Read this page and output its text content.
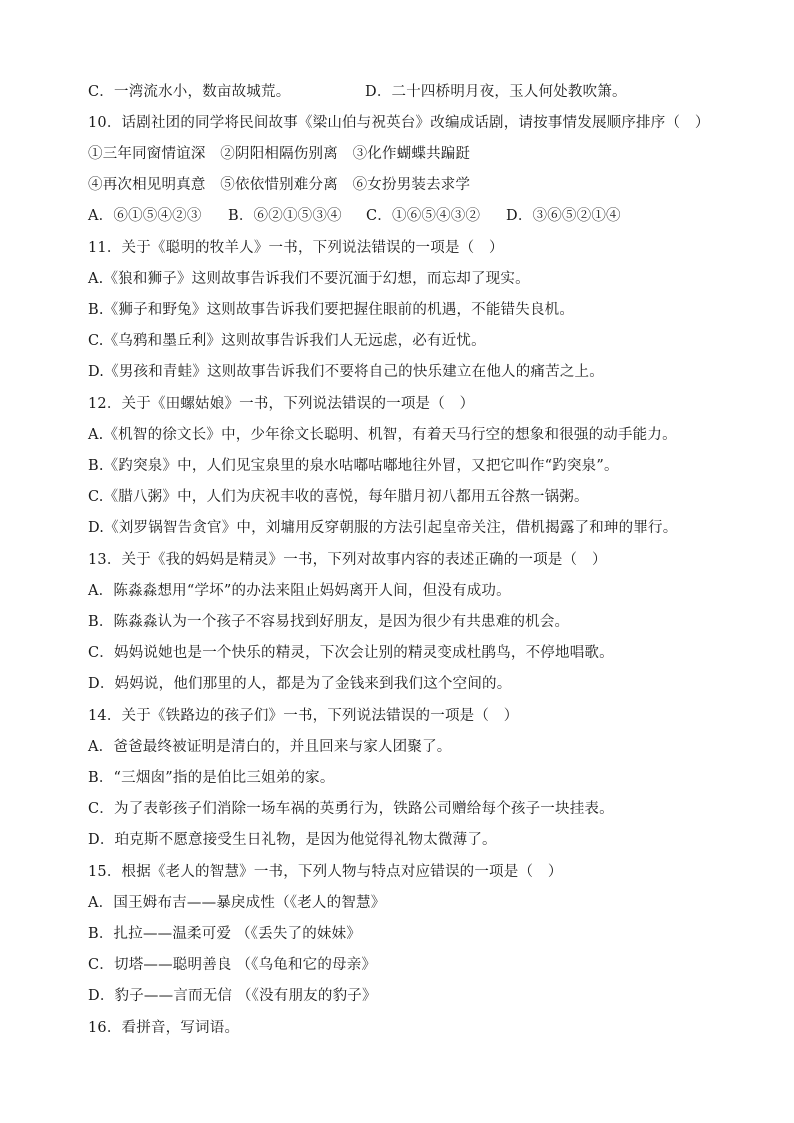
C．一湾流水小，数亩故城荒。	D．二十四桥明月夜，玉人何处教吹箫。
10．话剧社团的同学将民间故事《梁山伯与祝英台》改编成话剧，请按事情发展顺序排序（　）
①三年同窗情谊深　②阴阳相隔伤别离　③化作蝴蝶共蹁跹
④再次相见明真意　⑤依依惜别难分离　⑥女扮男装去求学
A．⑥①⑤④②③ B．⑥②①⑤③④ C．①⑥⑤④③② D．③⑥⑤②①④
11．关于《聪明的牧羊人》一书，下列说法错误的一项是（　）
A.《狼和狮子》这则故事告诉我们不要沉湎于幻想，而忘却了现实。
B.《狮子和野兔》这则故事告诉我们要把握住眼前的机遇，不能错失良机。
C.《乌鸦和墨丘利》这则故事告诉我们人无远虑，必有近忧。
D.《男孩和青蛙》这则故事告诉我们不要将自己的快乐建立在他人的痛苦之上。
12．关于《田螺姑娘》一书，下列说法错误的一项是（　）
A.《机智的徐文长》中，少年徐文长聪明、机智，有着天马行空的想象和很强的动手能力。
B.《趵突泉》中，人们见宝泉里的泉水咕嘟咕嘟地往外冒，又把它叫作“趵突泉”。
C.《腊八粥》中，人们为庆祝丰收的喜悦，每年腊月初八都用五谷熬一锅粥。
D.《刘罗锅智告贪官》中，刘墉用反穿朝服的方法引起皇帝关注，借机揭露了和珅的罪行。
13．关于《我的妈妈是精灵》一书，下列对故事内容的表述正确的一项是（　）
A．陈淼淼想用“学坏”的办法来阻止妈妈离开人间，但没有成功。
B．陈淼淼认为一个孩子不容易找到好朋友，是因为很少有共患难的机会。
C．妈妈说她也是一个快乐的精灵，下次会让别的精灵变成杜鹃鸟，不停地唱歌。
D．妈妈说，他们那里的人，都是为了金钱来到我们这个空间的。
14．关于《铁路边的孩子们》一书，下列说法错误的一项是（　）
A．爸爸最终被证明是清白的，并且回来与家人团聚了。
B．“三烟囱”指的是伯比三姐弟的家。
C．为了表彰孩子们消除一场车祸的英勇行为，铁路公司赠给每个孩子一块挂表。
D．珀克斯不愿意接受生日礼物，是因为他觉得礼物太微薄了。
15．根据《老人的智慧》一书，下列人物与特点对应错误的一项是（　）
A．国王姆布吉——暴戾成性（《老人的智慧》
B．扎拉——温柔可爱 （《丢失了的妹妹》
C．切塔——聪明善良 （《乌龟和它的母亲》
D．豹子——言而无信 （《没有朋友的豹子》
16．看拼音，写词语。
